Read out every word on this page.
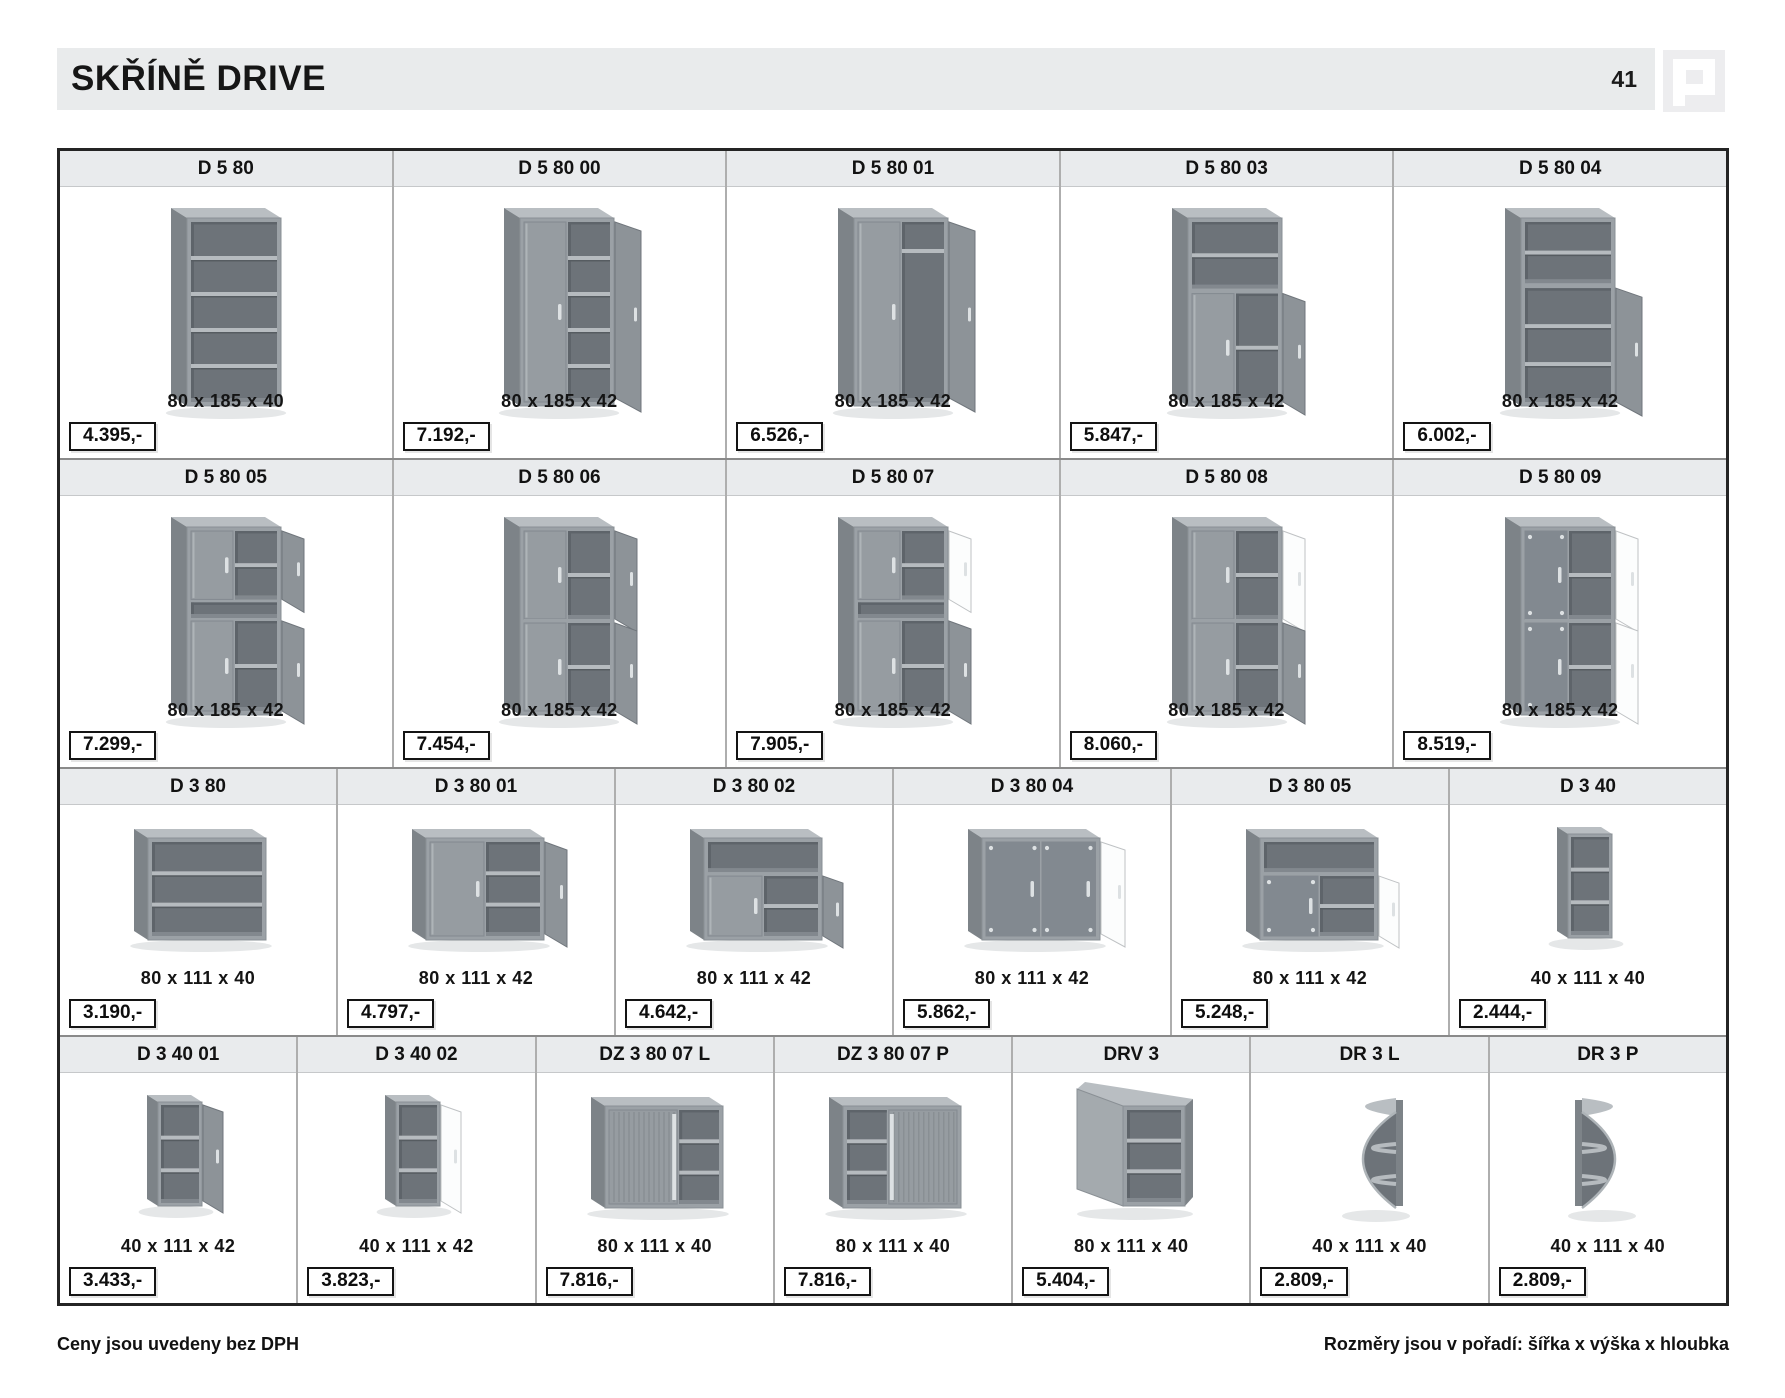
SKŘÍNĚ DRIVE	41
D 5 80
80 x 185 x 40
4.395,-
D 5 80 00
80 x 185 x 42
7.192,-
D 5 80 01
80 x 185 x 42
6.526,-
D 5 80 03
80 x 185 x 42
5.847,-
D 5 80 04
80 x 185 x 42
6.002,-
D 5 80 05
80 x 185 x 42
7.299,-
D 5 80 06
80 x 185 x 42
7.454,-
D 5 80 07
80 x 185 x 42
7.905,-
D 5 80 08
80 x 185 x 42
8.060,-
D 5 80 09
80 x 185 x 42
8.519,-
D 3 80
80 x 111 x 40
3.190,-
D 3 80 01
80 x 111 x 42
4.797,-
D 3 80 02
80 x 111 x 42
4.642,-
D 3 80 04
80 x 111 x 42
5.862,-
D 3 80 05
80 x 111 x 42
5.248,-
D 3 40
40 x 111 x 40
2.444,-
D 3 40 01
40 x 111 x 42
3.433,-
D 3 40 02
40 x 111 x 42
3.823,-
DZ 3 80 07 L
80 x 111 x 40
7.816,-
DZ 3 80 07 P
80 x 111 x 40
7.816,-
DRV 3
80 x 111 x 40
5.404,-
DR 3 L
40 x 111 x 40
2.809,-
DR 3 P
40 x 111 x 40
2.809,-
Ceny jsou uvedeny bez DPH	Rozměry jsou v pořadí: šířka x výška x hloubka
